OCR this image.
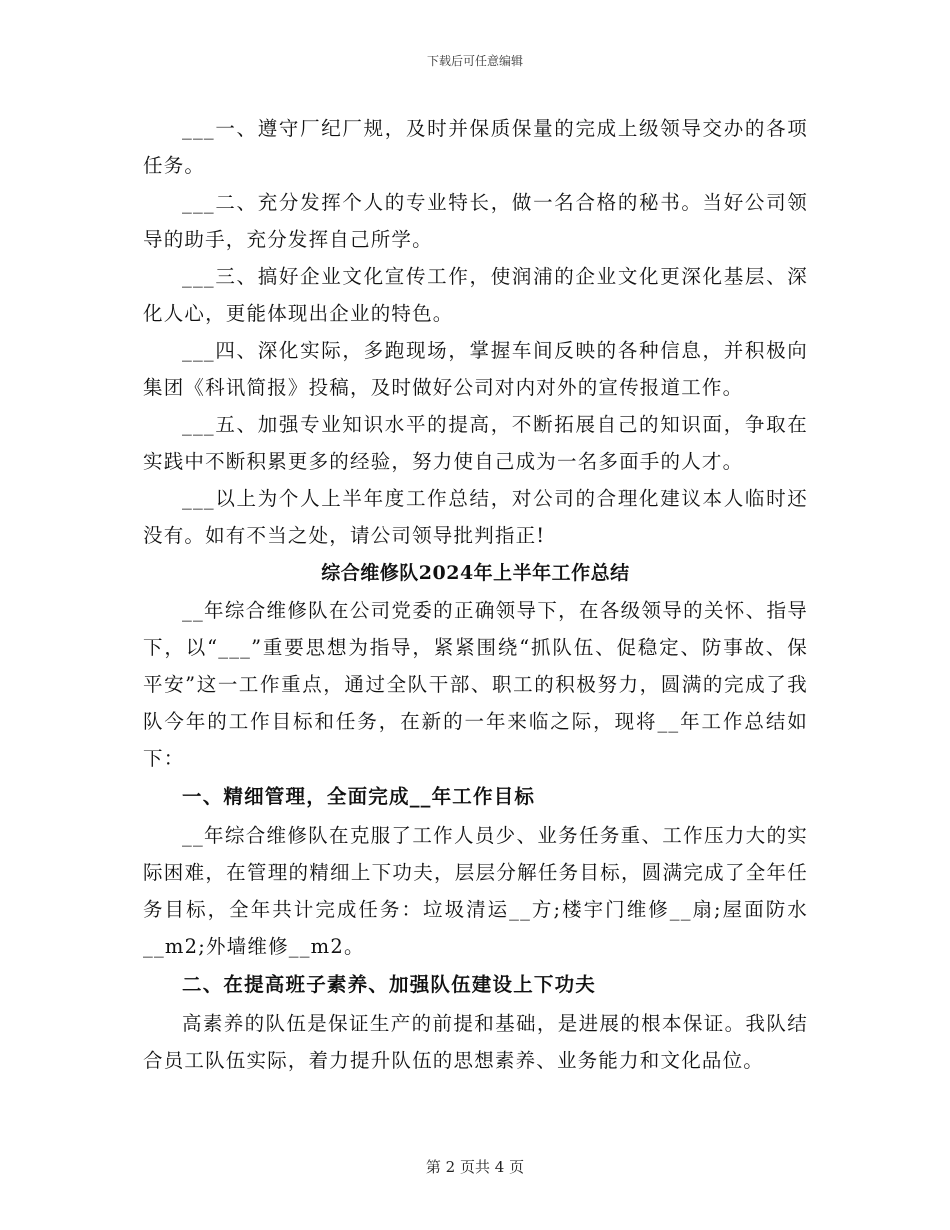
下载后可任意编辑

___一、遵守厂纪厂规，及时并保质保量的完成上级领导交办的各项任务。

___二、充分发挥个人的专业特长，做一名合格的秘书。当好公司领导的助手，充分发挥自己所学。

___三、搞好企业文化宣传工作，使润浦的企业文化更深化基层、深化人心，更能体现出企业的特色。

___四、深化实际，多跑现场，掌握车间反映的各种信息，并积极向集团《科讯简报》投稿，及时做好公司对内对外的宣传报道工作。

___五、加强专业知识水平的提高，不断拓展自己的知识面，争取在实践中不断积累更多的经验，努力使自己成为一名多面手的人才。

___以上为个人上半年度工作总结，对公司的合理化建议本人临时还没有。如有不当之处，请公司领导批判指正!

综合维修队2024年上半年工作总结

__年综合维修队在公司党委的正确领导下，在各级领导的关怀、指导下，以“___”重要思想为指导，紧紧围绕“抓队伍、促稳定、防事故、保平安”这一工作重点，通过全队干部、职工的积极努力，圆满的完成了我队今年的工作目标和任务，在新的一年来临之际，现将__年工作总结如下：

一、精细管理，全面完成__年工作目标

__年综合维修队在克服了工作人员少、业务任务重、工作压力大的实际困难，在管理的精细上下功夫，层层分解任务目标，圆满完成了全年任务目标，全年共计完成任务：垃圾清运__方;楼宇门维修__扇;屋面防水__m2;外墙维修__m2。

二、在提高班子素养、加强队伍建设上下功夫

高素养的队伍是保证生产的前提和基础，是进展的根本保证。我队结合员工队伍实际，着力提升队伍的思想素养、业务能力和文化品位。

第 2 页共 4 页
